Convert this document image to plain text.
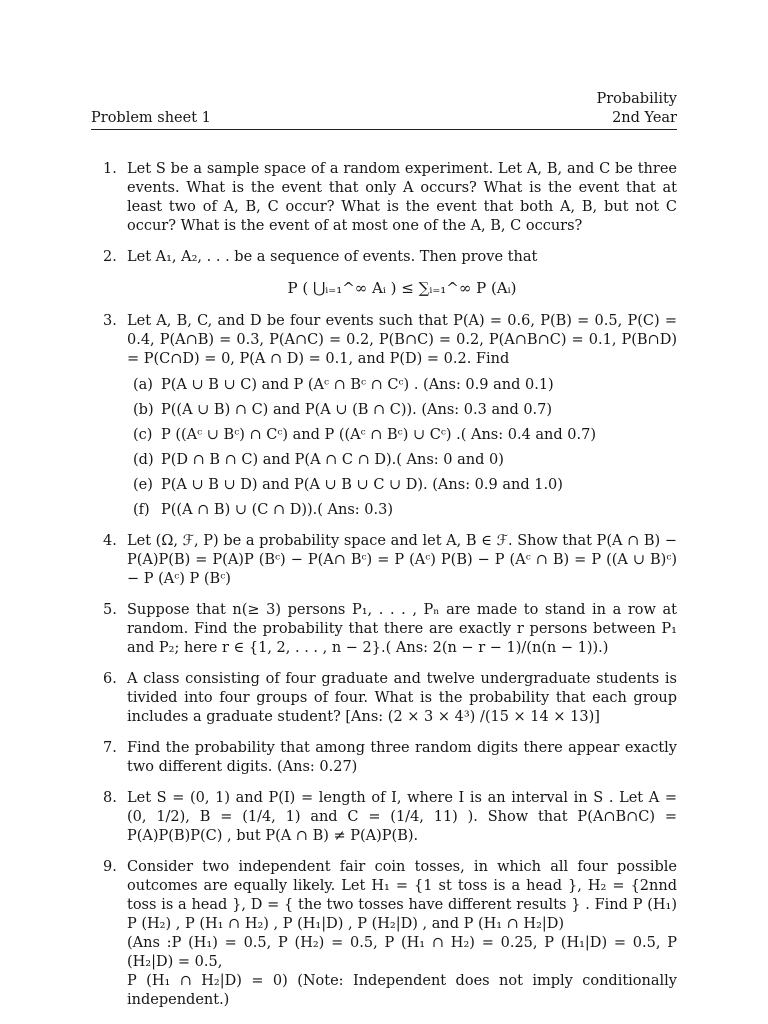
Probability
2nd Year
Problem sheet 1
1. Let S be a sample space of a random experiment. Let A, B, and C be three events. What is the event that only A occurs? What is the event that at least two of A, B, C occur? What is the event that both A, B, but not C occur? What is the event of at most one of the A, B, C occurs?
2. Let A₁, A₂, . . . be a sequence of events. Then prove that
P ( ⋃ᵢ₌₁^∞ Aᵢ ) ≤ ∑ᵢ₌₁^∞ P (Aᵢ)
3. Let A, B, C, and D be four events such that P(A) = 0.6, P(B) = 0.5, P(C) = 0.4, P(A∩B) = 0.3, P(A∩C) = 0.2, P(B∩C) = 0.2, P(A∩B∩C) = 0.1, P(B∩D) = P(C∩D) = 0, P(A ∩ D) = 0.1, and P(D) = 0.2. Find
(a) P(A ∪ B ∪ C) and P (Aᶜ ∩ Bᶜ ∩ Cᶜ) . (Ans: 0.9 and 0.1)
(b) P((A ∪ B) ∩ C) and P(A ∪ (B ∩ C)). (Ans: 0.3 and 0.7)
(c) P ((Aᶜ ∪ Bᶜ) ∩ Cᶜ) and P ((Aᶜ ∩ Bᶜ) ∪ Cᶜ) .( Ans: 0.4 and 0.7)
(d) P(D ∩ B ∩ C) and P(A ∩ C ∩ D).( Ans: 0 and 0)
(e) P(A ∪ B ∪ D) and P(A ∪ B ∪ C ∪ D). (Ans: 0.9 and 1.0)
(f) P((A ∩ B) ∪ (C ∩ D)).( Ans: 0.3)
4. Let (Ω, ℱ, P) be a probability space and let A, B ∈ ℱ. Show that P(A ∩ B) − P(A)P(B) = P(A)P (Bᶜ) − P(A∩ Bᶜ) = P (Aᶜ) P(B) − P (Aᶜ ∩ B) = P ((A ∪ B)ᶜ) − P (Aᶜ) P (Bᶜ)
5. Suppose that n(≥ 3) persons P₁, . . . , Pₙ are made to stand in a row at random. Find the probability that there are exactly r persons between P₁ and P₂; here r ∈ {1, 2, . . . , n − 2}.( Ans: 2(n − r − 1)/(n(n − 1)).)
6. A class consisting of four graduate and twelve undergraduate students is tivided into four groups of four. What is the probability that each group includes a graduate student? [Ans: (2 × 3 × 4³) /(15 × 14 × 13)]
7. Find the probability that among three random digits there appear exactly two different digits. (Ans: 0.27)
8. Let S = (0, 1) and P(I) = length of I, where I is an interval in S . Let A = (0, 1/2), B = (1/4, 1) and C = (1/4, 11) ). Show that P(A∩B∩C) = P(A)P(B)P(C) , but P(A ∩ B) ≠ P(A)P(B).
9. Consider two independent fair coin tosses, in which all four possible outcomes are equally likely. Let H₁ = {1 st toss is a head }, H₂ = {2nnd toss is a head }, D = { the two tosses have different results } . Find P (H₁) P (H₂) , P (H₁ ∩ H₂) , P (H₁|D) , P (H₂|D) , and P (H₁ ∩ H₂|D)
(Ans :P (H₁) = 0.5, P (H₂) = 0.5, P (H₁ ∩ H₂) = 0.25, P (H₁|D) = 0.5, P (H₂|D) = 0.5,
P (H₁ ∩ H₂|D) = 0) (Note: Independent does not imply conditionally independent.)
